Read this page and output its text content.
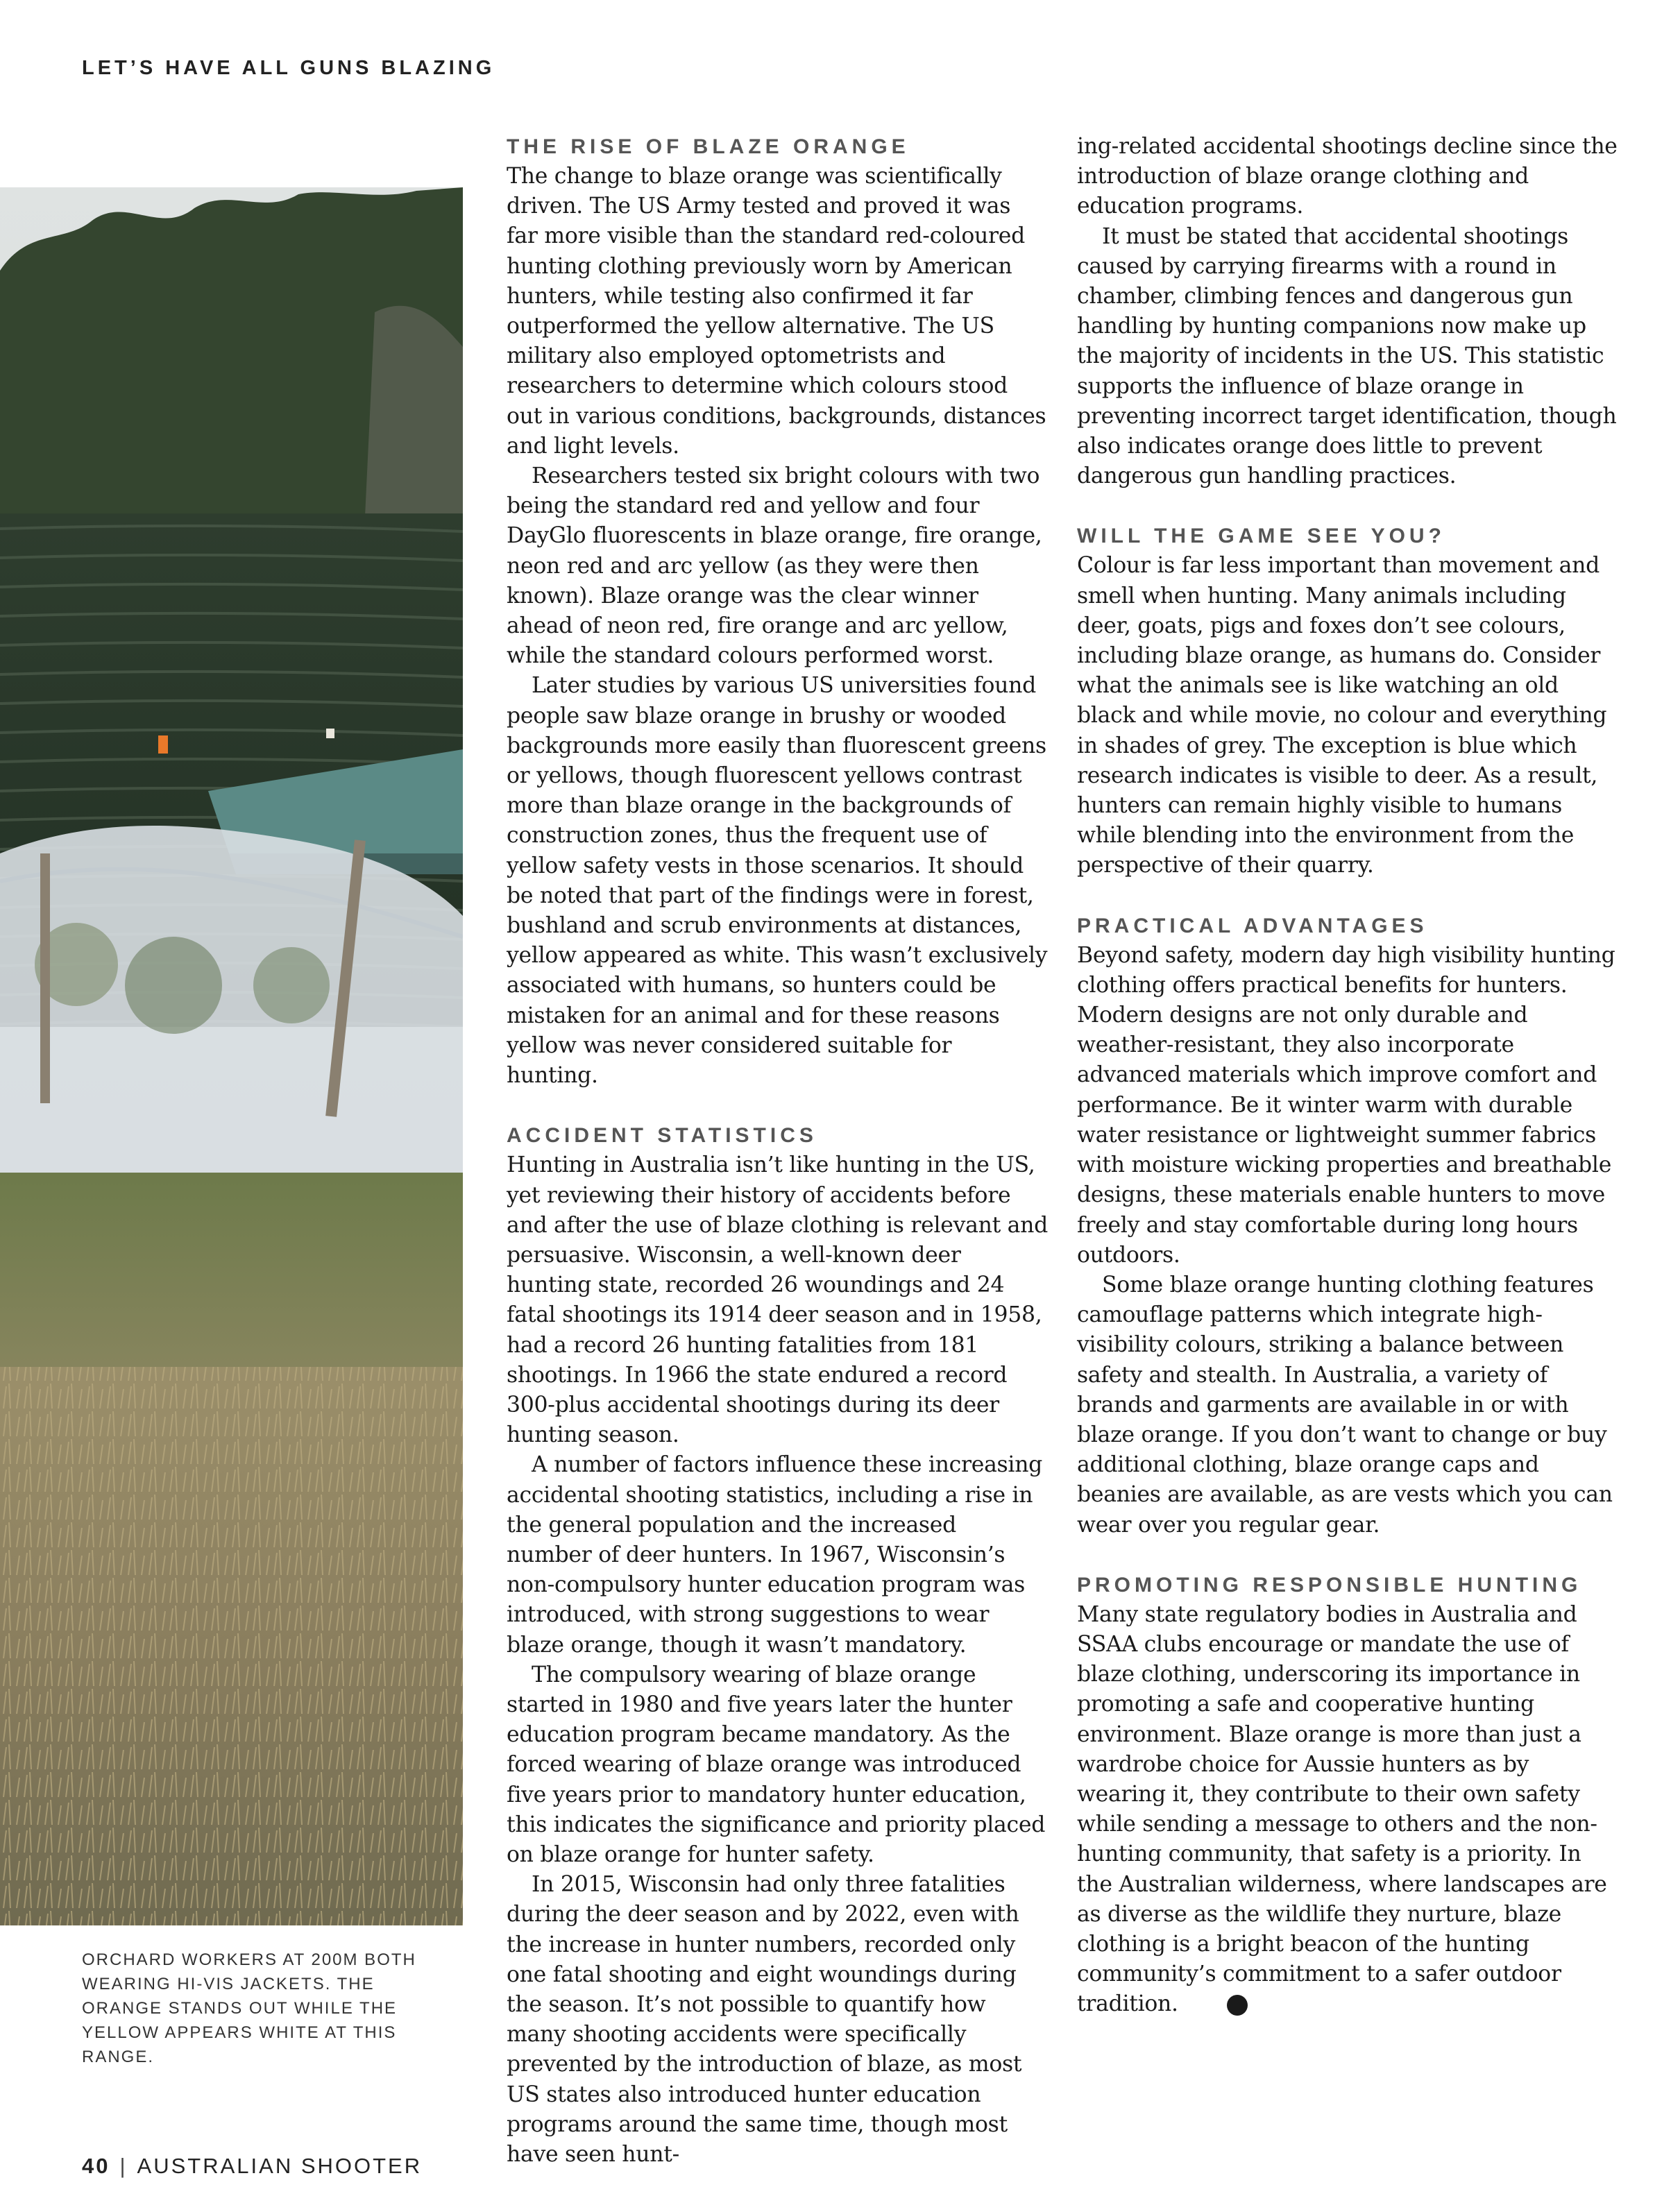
LET’S HAVE ALL GUNS BLAZING
ORCHARD WORKERS AT 200M BOTH WEARING HI-VIS JACKETS. THE ORANGE STANDS OUT WHILE THE YELLOW APPEARS WHITE AT THIS RANGE.
THE RISE OF BLAZE ORANGE

The change to blaze orange was scientifically driven. The US Army tested and proved it was far more visible than the standard red-coloured hunting clothing previously worn by American hunters, while testing also confirmed it far outperformed the yellow alternative. The US military also employed optometrists and researchers to determine which colours stood out in various conditions, backgrounds, distances and light levels.

Researchers tested six bright colours with two being the standard red and yellow and four DayGlo fluorescents in blaze orange, fire orange, neon red and arc yellow (as they were then known). Blaze orange was the clear winner ahead of neon red, fire orange and arc yellow, while the standard colours performed worst.

Later studies by various US universities found people saw blaze orange in brushy or wooded backgrounds more easily than fluorescent greens or yellows, though fluorescent yellows contrast more than blaze orange in the backgrounds of construction zones, thus the frequent use of yellow safety vests in those scenarios. It should be noted that part of the findings were in forest, bushland and scrub environments at distances, yellow appeared as white. This wasn’t exclusively associated with humans, so hunters could be mistaken for an animal and for these reasons yellow was never considered suitable for hunting.

ACCIDENT STATISTICS

Hunting in Australia isn’t like hunting in the US, yet reviewing their history of accidents before and after the use of blaze clothing is relevant and persuasive. Wisconsin, a well-known deer hunting state, recorded 26 woundings and 24 fatal shootings its 1914 deer season and in 1958, had a record 26 hunting fatalities from 181 shootings. In 1966 the state endured a record 300-plus accidental shootings during its deer hunting season.

A number of factors influence these increasing accidental shooting statistics, including a rise in the general population and the increased number of deer hunters. In 1967, Wisconsin’s non-compulsory hunter education program was introduced, with strong suggestions to wear blaze orange, though it wasn’t mandatory.

The compulsory wearing of blaze orange started in 1980 and five years later the hunter education program became mandatory. As the forced wearing of blaze orange was introduced five years prior to mandatory hunter education, this indicates the significance and priority placed on blaze orange for hunter safety.

In 2015, Wisconsin had only three fatalities during the deer season and by 2022, even with the increase in hunter numbers, recorded only one fatal shooting and eight woundings during the season. It’s not possible to quantify how many shooting accidents were specifically prevented by the introduction of blaze, as most US states also introduced hunter education programs around the same time, though most have seen hunt-

ing-related accidental shootings decline since the introduction of blaze orange clothing and education programs.

It must be stated that accidental shootings caused by carrying firearms with a round in chamber, climbing fences and dangerous gun handling by hunting companions now make up the majority of incidents in the US. This statistic supports the influence of blaze orange in preventing incorrect target identification, though also indicates orange does little to prevent dangerous gun handling practices.

WILL THE GAME SEE YOU?

Colour is far less important than movement and smell when hunting. Many animals including deer, goats, pigs and foxes don’t see colours, including blaze orange, as humans do. Consider what the animals see is like watching an old black and while movie, no colour and everything in shades of grey. The exception is blue which research indicates is visible to deer. As a result, hunters can remain highly visible to humans while blending into the environment from the perspective of their quarry.

PRACTICAL ADVANTAGES

Beyond safety, modern day high visibility hunting clothing offers practical benefits for hunters. Modern designs are not only durable and weather-resistant, they also incorporate advanced materials which improve comfort and performance. Be it winter warm with durable water resistance or lightweight summer fabrics with moisture wicking properties and breathable designs, these materials enable hunters to move freely and stay comfortable during long hours outdoors.

Some blaze orange hunting clothing features camouflage patterns which integrate high-visibility colours, striking a balance between safety and stealth. In Australia, a variety of brands and garments are available in or with blaze orange. If you don’t want to change or buy additional clothing, blaze orange caps and beanies are available, as are vests which you can wear over you regular gear.

PROMOTING RESPONSIBLE HUNTING

Many state regulatory bodies in Australia and SSAA clubs encourage or mandate the use of blaze clothing, underscoring its importance in promoting a safe and cooperative hunting environment. Blaze orange is more than just a wardrobe choice for Aussie hunters as by wearing it, they contribute to their own safety while sending a message to others and the non-hunting community, that safety is a priority. In the Australian wilderness, where landscapes are as diverse as the wildlife they nurture, blaze clothing is a bright beacon of the hunting community’s commitment to a safer outdoor tradition.

40 | AUSTRALIAN SHOOTER
